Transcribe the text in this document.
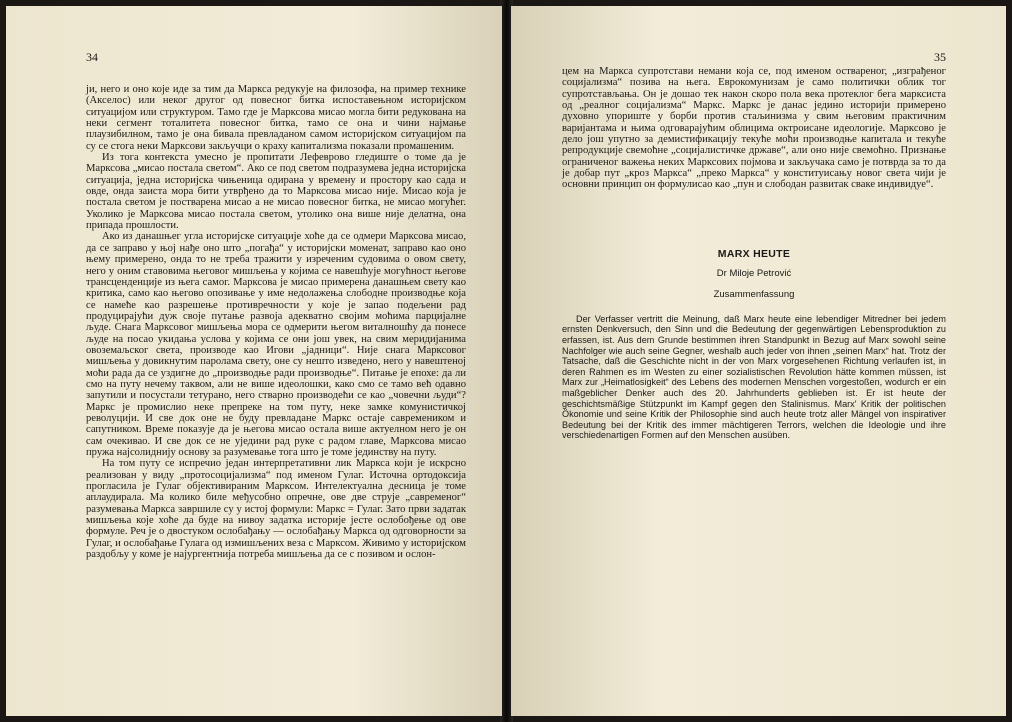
34

ји, него и оно које иде за тим да Маркса редукује на филозофа, на пример технике (Акселос) или неког другог од повесног битка испоставењном историјском ситуацијом или структуром. Тамо где је Марксова мисао могла бити редукована на неки сегмент тоталитета повесног битка, тамо се она и чини најмање плаузибилном, тамо је она бивала превладаном самом историјском ситуацијом па су се стога неки Марксови закључци о краху капитализма показали промашеним.

Из тога контекста умесно је пропитати Лефеврово гледиште о томе да је Марксова „мисао постала светом“. Ако се под светом подразумева једна историјска ситуација, једна историјска чињеница одирана у времену и простору као сада и овде, онда заиста мора бити утврђено да то Марксова мисао није. Мисао која је постала светом је постварена мисао а не мисао повесног битка, не мисао могућег. Уколико је Марксова мисао постала светом, утолико она више није делатна, она припада прошлости.

Ако из данашњег угла историјске ситуације хоће да се одмери Марксова мисао, да се заправо у њој нађе оно што „погађа“ у историјски моменат, заправо као оно њему примерено, онда то не треба тражити у изреченим судовима о овом свету, него у оним ставовима његовог мишљења у којима се навешћује могућност његове трансценденције из њега самог. Марксова је мисао примерена данашњем свету као критика, само као његово опозивање у име недолажења слободне производње која се намеће као разрешење противречности у које је запао подељени рад продуцирајући дуж своје путање развоја адекватно својим моћима парцијалне људе. Снага Марксовог мишљења мора се одмерити његом виталношћу да понесе људе на посао укидања услова у којима се они још увек, на свим меридијанима овоземаљског света, производе као Игови „јадници“. Није снага Марксовог мишљења у довикнутим паролама свету, оне су нешто изведено, него у навештеној моћи рада да се уздигне до „производње ради производње“. Питање је епохе: да ли смо на путу нечему таквом, али не више идеолошки, како смо се тамо већ одавно запутили и посустали тетурано, него стварно производећи се као „човечни људи“? Маркс је промислио неке препреке на том путу, неке замке комунистичкој револуцији. И све док оне не буду превладане Маркс остаје савремеником и сапутником. Време показује да је његова мисао остала више актуелном него је он сам очекивао. И све док се не уједини рад руке с радом главе, Марксова мисао пружа најсолиднију основу за разумевање тога што је томе јединству на путу.

На том путу се испречио један интерпретативни лик Маркса који је искрсно реализован у виду „протосоцијализма“ под именом Гулаг. Источна ортодоксија прогласила је Гулаг објективираним Марксом. Интелектуална десница је томе аплаудирала. Ма колико биле међусобно опречне, ове две струје „савременог“ разумевања Маркса завршиле су у истој формули: Маркс = Гулаг. Зато први задатак мишљења које хоће да буде на нивоу задатка историје јесте ослобођење од ове формуле. Реч је о двостуком ослобађању — ослобађању Маркса од одговорности за Гулаг, и ослобађање Гулага од измишљених веза с Марксом. Живимо у историјском раздобљу у коме је најургентнија потреба мишљења да се с позивом и ослон-

35

цем на Маркса супротстави немани која се, под именом оствареног, „изграђеног социјализма“ позива на њега. Еврокомунизам је само политички облик тог супротстављања. Он је дошао тек након скоро пола века протеклог бега марксиста од „реалног социјализма“ Маркс. Маркс је данас једино историји примерено духовно упориште у борби против стаљинизма у свим његовим практичним варијантама и њима одговарајућим облицима октроисане идеологије. Марксово је дело још упутно за демистификацију текуће моћи производње капитала и текуће репродукције свемоћне „социјалистичке државе“, али оно није свемоћно. Признање ограниченог важења неких Марксових појмова и закључака само је потврда за то да је добар пут „кроз Маркса“ „преко Маркса“ у конституисању новог света чији је основни принцип он формулисао као „пун и слободан развитак сваке индивидуе“.

MARX HEUTE
Dr Miloje Petrović
Zusammenfassung
Der Verfasser vertritt die Meinung, daß Marx heute eine lebendiger Mitredner bei jedem ernsten Denkversuch, den Sinn und die Bedeutung der gegenwärtigen Lebensproduktion zu erfassen, ist. Aus dem Grunde bestimmen ihren Standpunkt in Bezug auf Marx sowohl seine Nachfolger wie auch seine Gegner, weshalb auch jeder von ihnen „seinen Marx“ hat. Trotz der Tatsache, daß die Geschichte nicht in der von Marx vorgesehenen Richtung verlaufen ist, in deren Rahmen es im Westen zu einer sozialistischen Revolution hätte kommen müssen, ist Marx zur „Heimatlosigkeit“ des Lebens des modernen Menschen vorgestoßen, wodurch er ein maßgeblicher Denker auch des 20. Jahrhunderts geblieben ist. Er ist heute der geschichtsmäßige Stützpunkt im Kampf gegen den Stalinismus. Marx' Kritik der politischen Ökonomie und seine Kritik der Philosophie sind auch heute trotz aller Mängel von inspirativer Bedeutung bei der Kritik des immer mächtigeren Terrors, welchen die Ideologie und ihre verschiedenartigen Formen auf den Menschen ausüben.
